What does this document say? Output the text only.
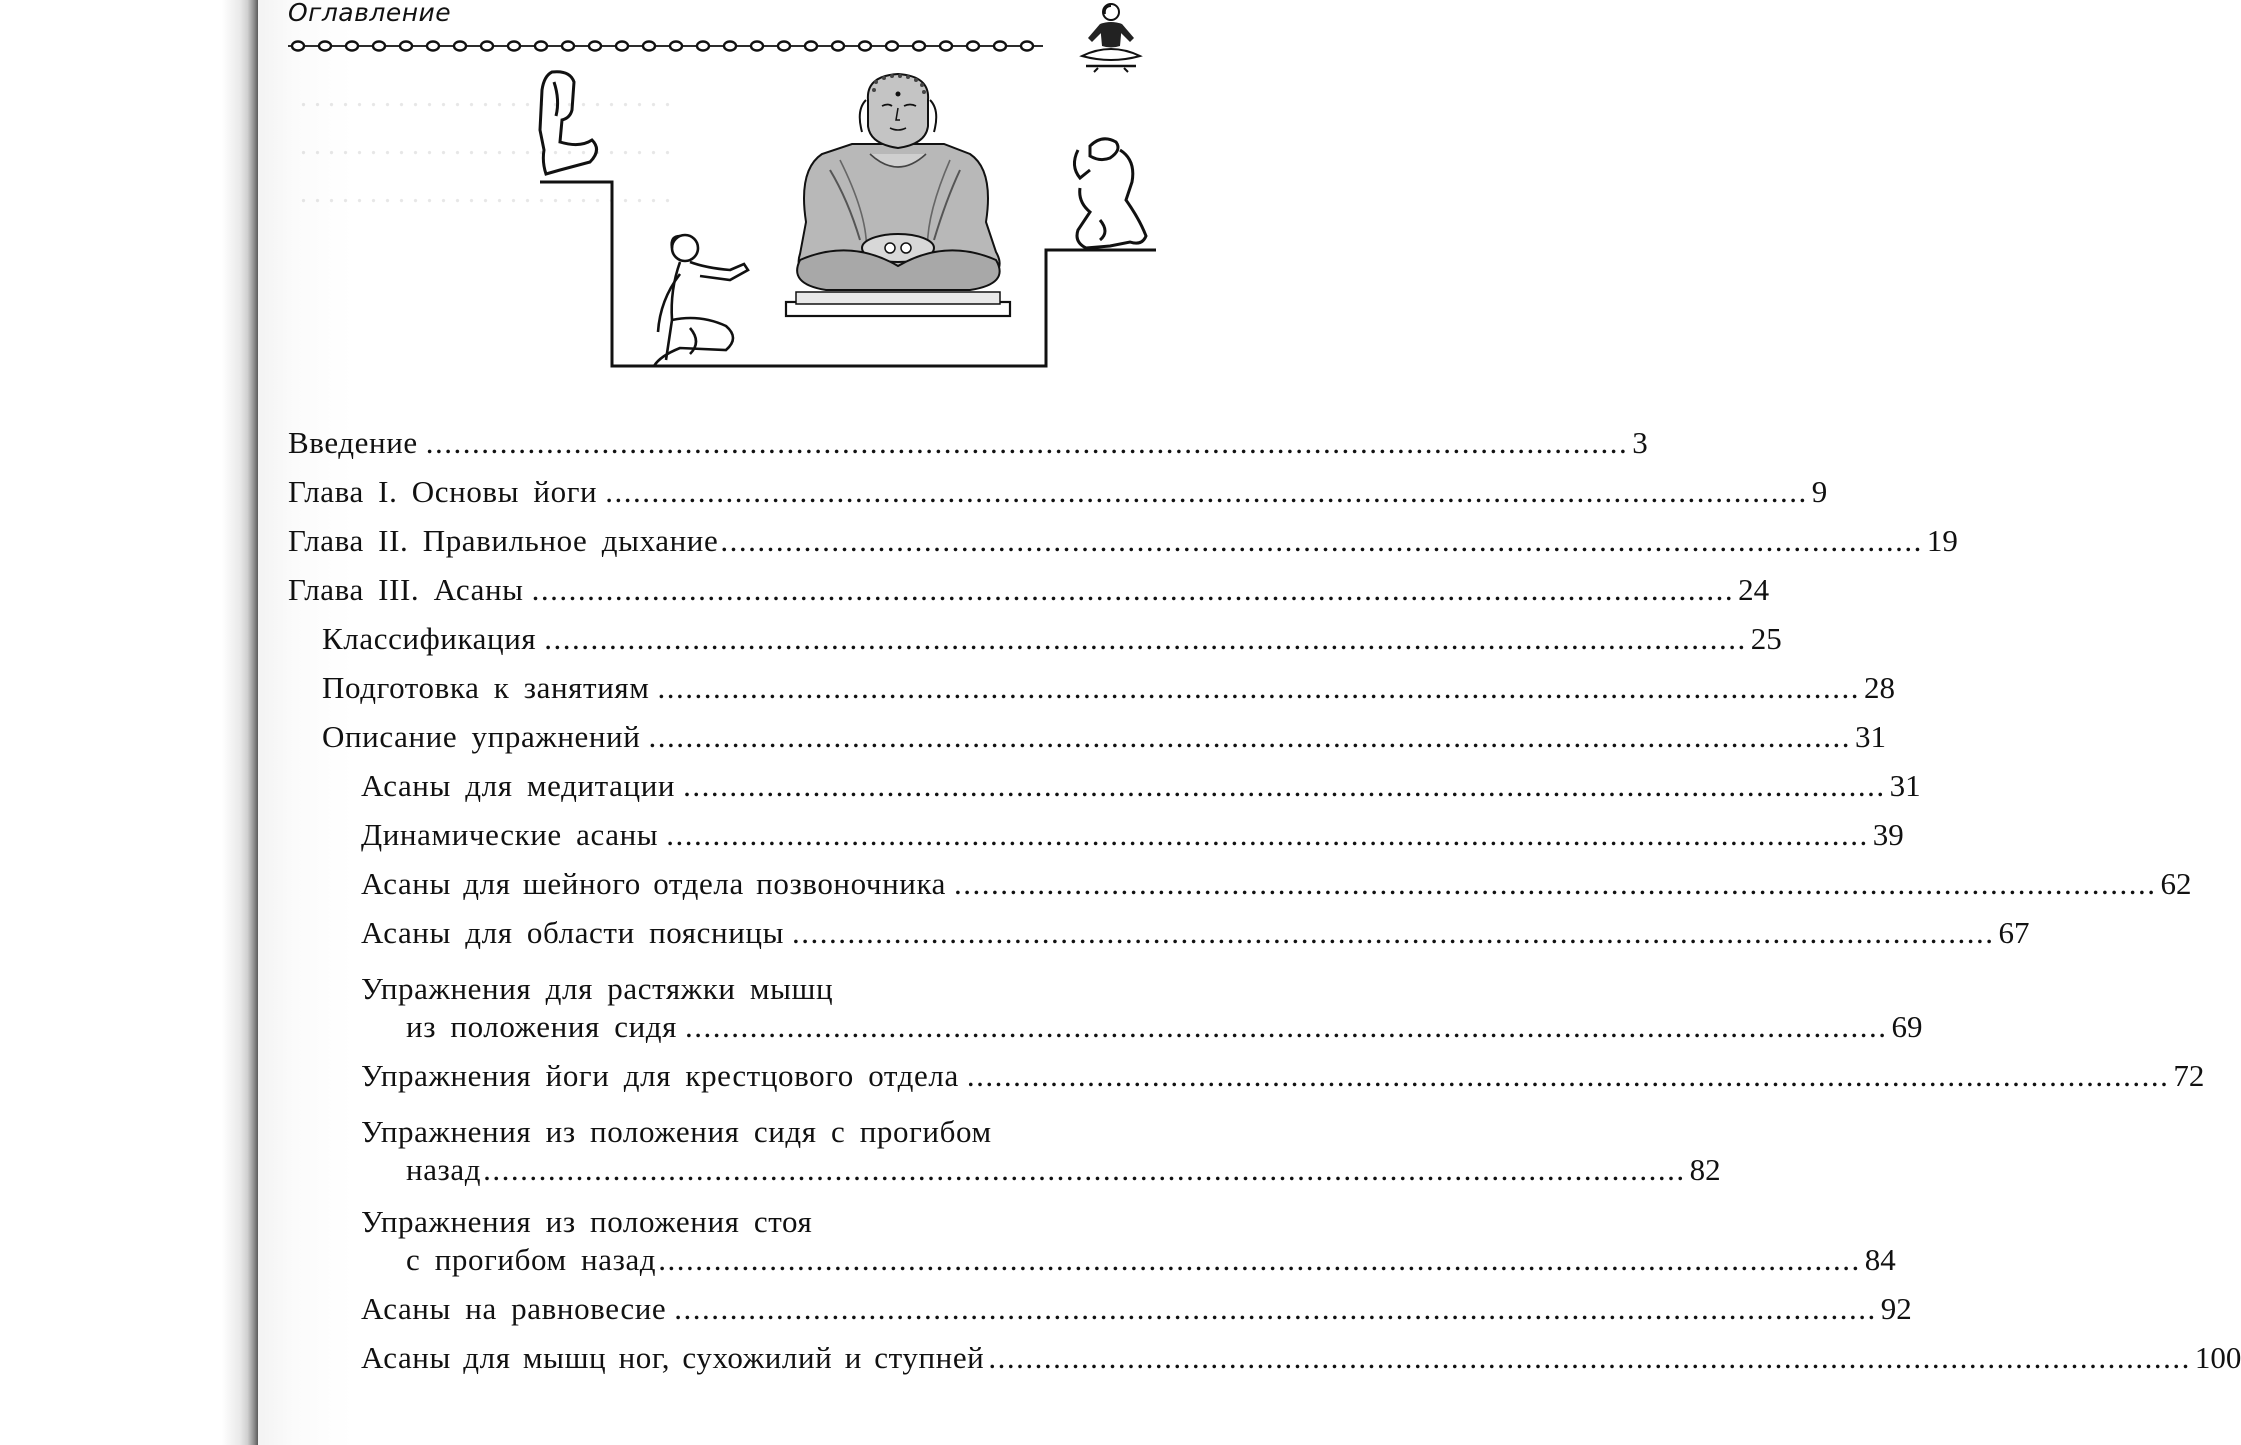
. . . . . . . . . . . . . . . . . . . . . . . . . . .
. . . . . . . . . . . . . . . . . . . . . . . . . . .
. . . . . . . . . . . . . . . . . . . . . . . . . . .
Оглавление
Введение .................................................................................................................................. 3
Глава I. Основы йоги .................................................................................................................................. 9
Глава II. Правильное дыхание .................................................................................................................................. 19
Глава III. Асаны .................................................................................................................................. 24
Классификация .................................................................................................................................. 25
Подготовка к занятиям .................................................................................................................................. 28
Описание упражнений .................................................................................................................................. 31
Асаны для медитации .................................................................................................................................. 31
Динамические асаны .................................................................................................................................. 39
Асаны для шейного отдела позвоночника .................................................................................................................................. 62
Асаны для области поясницы .................................................................................................................................. 67
Упражнения для растяжки мышц
из положения сидя .................................................................................................................................. 69
Упражнения йоги для крестцового отдела .................................................................................................................................. 72
Упражнения из положения сидя с прогибом
назад .................................................................................................................................. 82
Упражнения из положения стоя
с прогибом назад .................................................................................................................................. 84
Асаны на равновесие .................................................................................................................................. 92
Асаны для мышц ног, сухожилий и ступней .................................................................................................................................. 100
